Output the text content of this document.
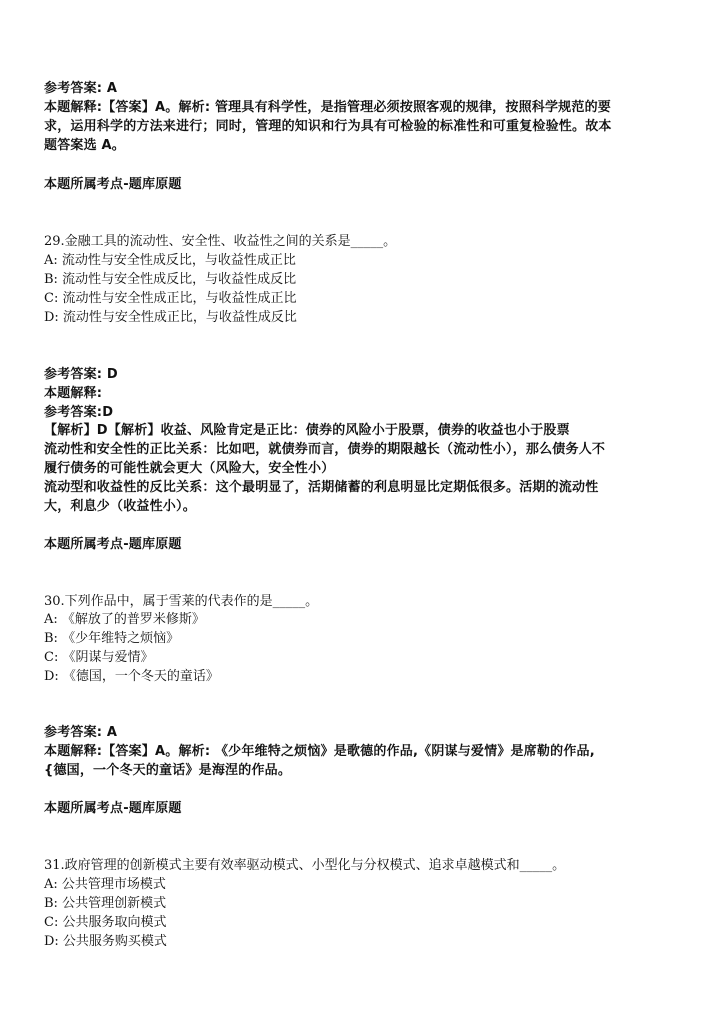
参考答案: A
本题解释:【答案】A。解析: 管理具有科学性，是指管理必须按照客观的规律，按照科学规范的要
求，运用科学的方法来进行；同时，管理的知识和行为具有可检验的标准性和可重复检验性。故本
题答案选 A。
本题所属考点-题库原题
29.金融工具的流动性、安全性、收益性之间的关系是_____。
A: 流动性与安全性成反比，与收益性成正比
B: 流动性与安全性成反比，与收益性成反比
C: 流动性与安全性成正比，与收益性成正比
D: 流动性与安全性成正比，与收益性成反比
参考答案: D
本题解释:
参考答案:D
【解析】D【解析】收益、风险肯定是正比：债券的风险小于股票，债券的收益也小于股票
流动性和安全性的正比关系：比如吧，就债券而言，债券的期限越长（流动性小），那么债务人不
履行债务的可能性就会更大（风险大，安全性小）
流动型和收益性的反比关系：这个最明显了，活期储蓄的利息明显比定期低很多。活期的流动性
大，利息少（收益性小）。
本题所属考点-题库原题
30.下列作品中，属于雪莱的代表作的是_____。
A: 《解放了的普罗米修斯》
B: 《少年维特之烦恼》
C: 《阴谋与爱情》
D: 《德国，一个冬天的童话》
参考答案: A
本题解释:【答案】A。解析: 《少年维特之烦恼》是歌德的作品,《阴谋与爱情》是席勒的作品,
{德国，一个冬天的童话》是海涅的作品。
本题所属考点-题库原题
31.政府管理的创新模式主要有效率驱动模式、小型化与分权模式、追求卓越模式和_____。
A: 公共管理市场模式
B: 公共管理创新模式
C: 公共服务取向模式
D: 公共服务购买模式
